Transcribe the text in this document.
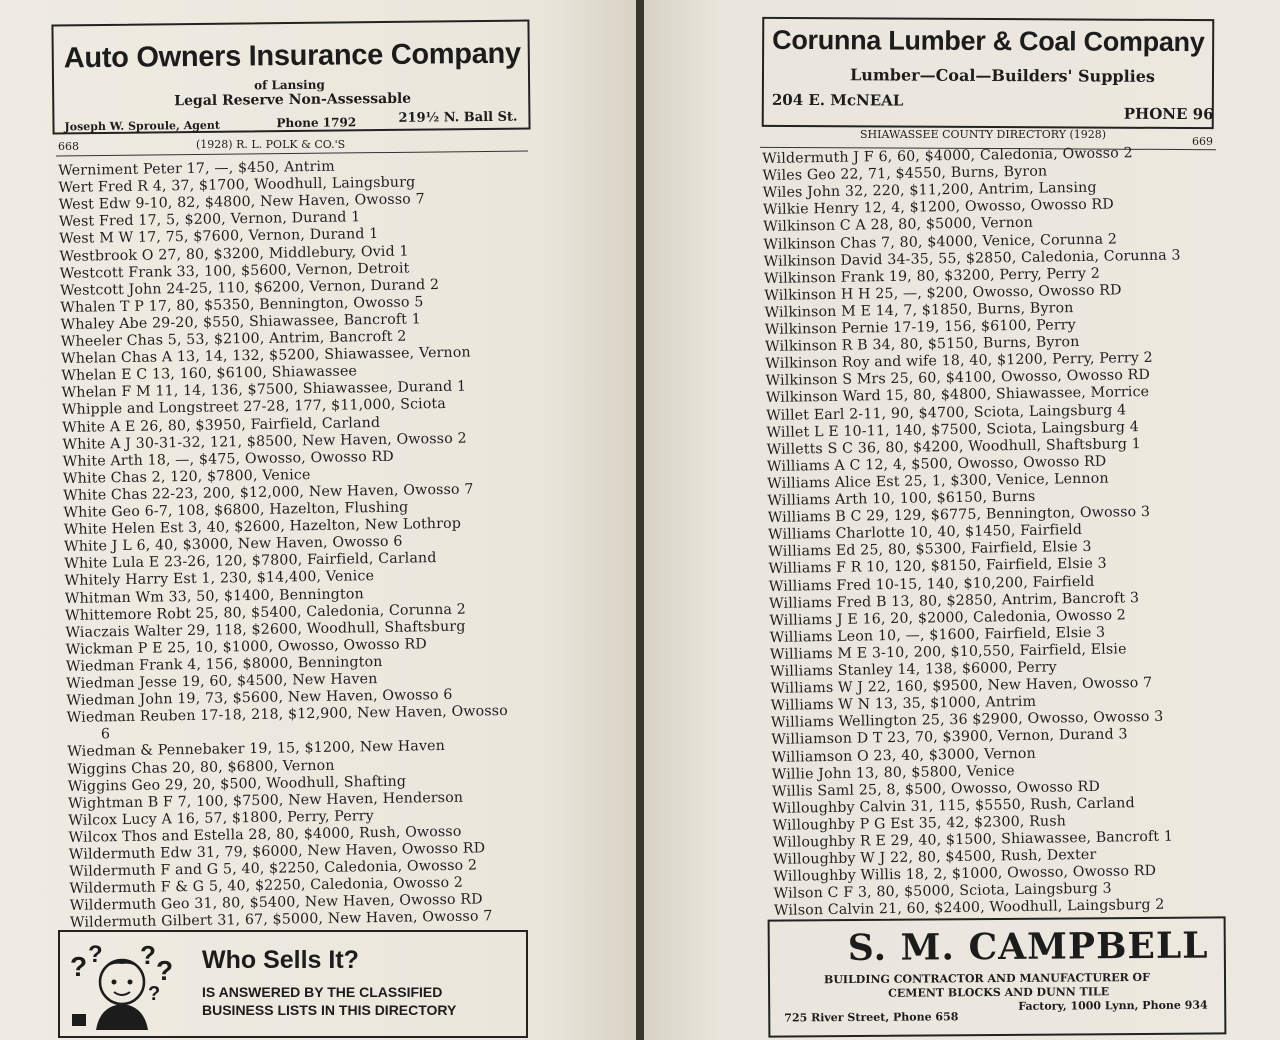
Auto Owners Insurance Company
of Lansing
Legal Reserve Non-Assessable
Joseph W. Sproule, Agent	Phone 1792	219½ N. Ball St.
668	(1928) R. L. POLK & CO.'S
Werniment Peter 17, —, $450, Antrim
Wert Fred R 4, 37, $1700, Woodhull, Laingsburg
West Edw 9-10, 82, $4800, New Haven, Owosso 7
West Fred 17, 5, $200, Vernon, Durand 1
West M W 17, 75, $7600, Vernon, Durand 1
Westbrook O 27, 80, $3200, Middlebury, Ovid 1
Westcott Frank 33, 100, $5600, Vernon, Detroit
Westcott John 24-25, 110, $6200, Vernon, Durand 2
Whalen T P 17, 80, $5350, Bennington, Owosso 5
Whaley Abe 29-20, $550, Shiawassee, Bancroft 1
Wheeler Chas 5, 53, $2100, Antrim, Bancroft 2
Whelan Chas A 13, 14, 132, $5200, Shiawassee, Vernon
Whelan E C 13, 160, $6100, Shiawassee
Whelan F M 11, 14, 136, $7500, Shiawassee, Durand 1
Whipple and Longstreet 27-28, 177, $11,000, Sciota
White A E 26, 80, $3950, Fairfield, Carland
White A J 30-31-32, 121, $8500, New Haven, Owosso 2
White Arth 18, —, $475, Owosso, Owosso RD
White Chas 2, 120, $7800, Venice
White Chas 22-23, 200, $12,000, New Haven, Owosso 7
White Geo 6-7, 108, $6800, Hazelton, Flushing
White Helen Est 3, 40, $2600, Hazelton, New Lothrop
White J L 6, 40, $3000, New Haven, Owosso 6
White Lula E 23-26, 120, $7800, Fairfield, Carland
Whitely Harry Est 1, 230, $14,400, Venice
Whitman Wm 33, 50, $1400, Bennington
Whittemore Robt 25, 80, $5400, Caledonia, Corunna 2
Wiaczais Walter 29, 118, $2600, Woodhull, Shaftsburg
Wickman P E 25, 10, $1000, Owosso, Owosso RD
Wiedman Frank 4, 156, $8000, Bennington
Wiedman Jesse 19, 60, $4500, New Haven
Wiedman John 19, 73, $5600, New Haven, Owosso 6
Wiedman Reuben 17-18, 218, $12,900, New Haven, Owosso
6
Wiedman & Pennebaker 19, 15, $1200, New Haven
Wiggins Chas 20, 80, $6800, Vernon
Wiggins Geo 29, 20, $500, Woodhull, Shafting
Wightman B F 7, 100, $7500, New Haven, Henderson
Wilcox Lucy A 16, 57, $1800, Perry, Perry
Wilcox Thos and Estella 28, 80, $4000, Rush, Owosso
Wildermuth Edw 31, 79, $6000, New Haven, Owosso RD
Wildermuth F and G 5, 40, $2250, Caledonia, Owosso 2
Wildermuth F & G 5, 40, $2250, Caledonia, Owosso 2
Wildermuth Geo 31, 80, $5400, New Haven, Owosso RD
Wildermuth Gilbert 31, 67, $5000, New Haven, Owosso 7
? ? ? ?
?
Who Sells It?
IS ANSWERED BY THE CLASSIFIED
BUSINESS LISTS IN THIS DIRECTORY
Corunna Lumber & Coal Company
Lumber—Coal—Builders' Supplies
204 E. McNEAL
PHONE 96
SHIAWASSEE COUNTY DIRECTORY (1928)
669
Wildermuth J F 6, 60, $4000, Caledonia, Owosso 2
Wiles Geo 22, 71, $4550, Burns, Byron
Wiles John 32, 220, $11,200, Antrim, Lansing
Wilkie Henry 12, 4, $1200, Owosso, Owosso RD
Wilkinson C A 28, 80, $5000, Vernon
Wilkinson Chas 7, 80, $4000, Venice, Corunna 2
Wilkinson David 34-35, 55, $2850, Caledonia, Corunna 3
Wilkinson Frank 19, 80, $3200, Perry, Perry 2
Wilkinson H H 25, —, $200, Owosso, Owosso RD
Wilkinson M E 14, 7, $1850, Burns, Byron
Wilkinson Pernie 17-19, 156, $6100, Perry
Wilkinson R B 34, 80, $5150, Burns, Byron
Wilkinson Roy and wife 18, 40, $1200, Perry, Perry 2
Wilkinson S Mrs 25, 60, $4100, Owosso, Owosso RD
Wilkinson Ward 15, 80, $4800, Shiawassee, Morrice
Willet Earl 2-11, 90, $4700, Sciota, Laingsburg 4
Willet L E 10-11, 140, $7500, Sciota, Laingsburg 4
Willetts S C 36, 80, $4200, Woodhull, Shaftsburg 1
Williams A C 12, 4, $500, Owosso, Owosso RD
Williams Alice Est 25, 1, $300, Venice, Lennon
Williams Arth 10, 100, $6150, Burns
Williams B C 29, 129, $6775, Bennington, Owosso 3
Williams Charlotte 10, 40, $1450, Fairfield
Williams Ed 25, 80, $5300, Fairfield, Elsie 3
Williams F R 10, 120, $8150, Fairfield, Elsie 3
Williams Fred 10-15, 140, $10,200, Fairfield
Williams Fred B 13, 80, $2850, Antrim, Bancroft 3
Williams J E 16, 20, $2000, Caledonia, Owosso 2
Williams Leon 10, —, $1600, Fairfield, Elsie 3
Williams M E 3-10, 200, $10,550, Fairfield, Elsie
Williams Stanley 14, 138, $6000, Perry
Williams W J 22, 160, $9500, New Haven, Owosso 7
Williams W N 13, 35, $1000, Antrim
Williams Wellington 25, 36 $2900, Owosso, Owosso 3
Williamson D T 23, 70, $3900, Vernon, Durand 3
Williamson O 23, 40, $3000, Vernon
Willie John 13, 80, $5800, Venice
Willis Saml 25, 8, $500, Owosso, Owosso RD
Willoughby Calvin 31, 115, $5550, Rush, Carland
Willoughby P G Est 35, 42, $2300, Rush
Willoughby R E 29, 40, $1500, Shiawassee, Bancroft 1
Willoughby W J 22, 80, $4500, Rush, Dexter
Willoughby Willis 18, 2, $1000, Owosso, Owosso RD
Wilson C F 3, 80, $5000, Sciota, Laingsburg 3
Wilson Calvin 21, 60, $2400, Woodhull, Laingsburg 2
S. M. CAMPBELL
BUILDING CONTRACTOR AND MANUFACTURER OF
CEMENT BLOCKS AND DUNN TILE
725 River Street, Phone 658
Factory, 1000 Lynn, Phone 934
